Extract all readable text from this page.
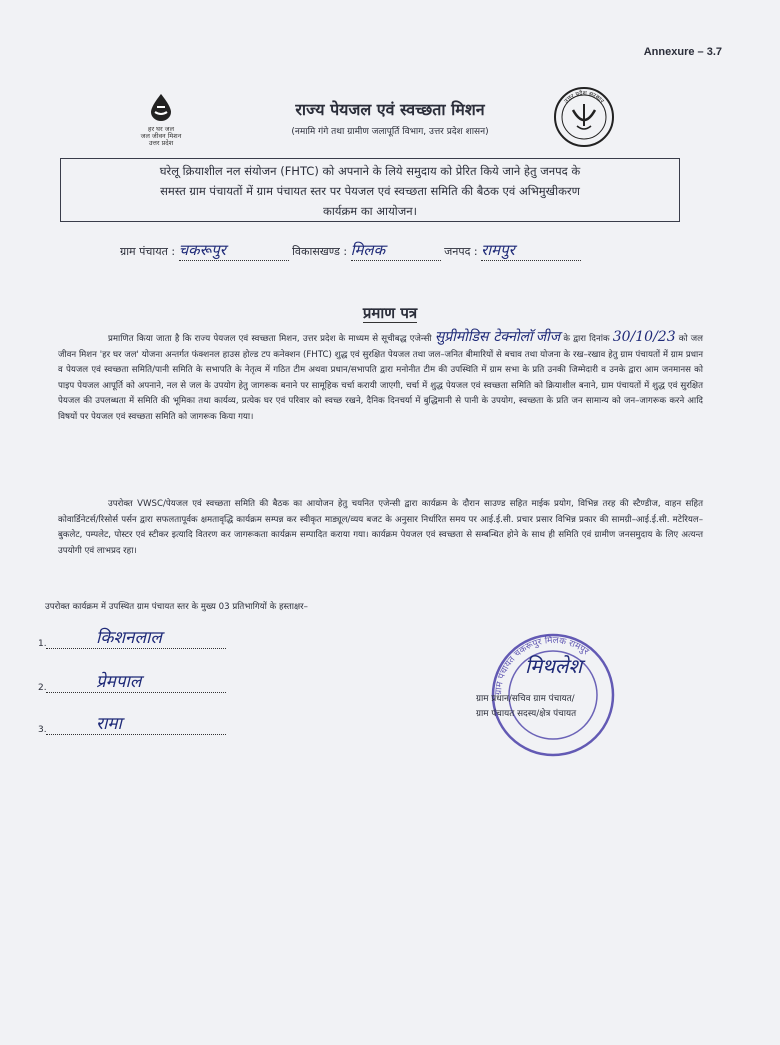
Annexure – 3.7
हर घर जल
जल जीवन मिशन
उत्तर प्रदेश
राज्य पेयजल एवं स्वच्छता मिशन
(नमामि गंगे तथा ग्रामीण जलापूर्ति विभाग, उत्तर प्रदेश शासन)
उत्तर प्रदेश सरकार
घरेलू क्रियाशील नल संयोजन (FHTC) को अपनाने के लिये समुदाय को प्रेरित किये जाने हेतु जनपद के
समस्त ग्राम पंचायतों में ग्राम पंचायत स्तर पर पेयजल एवं स्वच्छता समिति की बैठक एवं अभिमुखीकरण
कार्यक्रम का आयोजन।
ग्राम पंचायत : चकरूपुर	विकासखण्ड : मिलक	जनपद : रामपुर
प्रमाण पत्र
प्रमाणित किया जाता है कि राज्य पेयजल एवं स्वच्छता मिशन, उत्तर प्रदेश के माध्यम से सूचीबद्ध एजेन्सी सुप्रीमोडिस टेक्नोलॉ जीज के द्वारा दिनांक 30/10/23 को जल जीवन मिशन 'हर घर जल' योजना अन्तर्गत फंक्शनल हाउस होल्ड टप कनेक्शन (FHTC) शुद्ध एवं सुरक्षित पेयजल तथा जल–जनित बीमारियों से बचाव तथा योजना के रख–रखाव हेतु ग्राम पंचायतों में ग्राम प्रधान व पेयजल एवं स्वच्छता समिति/पानी समिति के सभापति के नेतृत्व में गठित टीम अथवा प्रधान/सभापति द्वारा मनोनीत टीम की उपस्थिति में ग्राम सभा के प्रति उनकी जिम्मेदारी व उनके द्वारा आम जनमानस को पाइप पेयजल आपूर्ति को अपनाने, नल से जल के उपयोग हेतु जागरूक बनाने पर सामूहिक चर्चा करायी जाएगी, चर्चा में शुद्ध पेयजल एवं स्वच्छता समिति को क्रियाशील बनाने, ग्राम पंचायतों में शुद्ध एवं सुरक्षित पेयजल की उपलब्धता में समिति की भूमिका तथा कार्यव्य, प्रत्येक घर एवं परिवार को स्वच्छ रखने, दैनिक दिनचर्या में बुद्धिमानी से पानी के उपयोग, स्वच्छता के प्रति जन सामान्य को जन–जागरूक करने आदि विषयों पर पेयजल एवं स्वच्छता समिति को जागरूक किया गया।
उपरोक्त VWSC/पेयजल एवं स्वच्छता समिति की बैठक का आयोजन हेतु चयनित एजेन्सी द्वारा कार्यक्रम के दौरान साउण्ड सहित माईक प्रयोग, विभिन्न तरह की स्टैण्डीज, वाहन सहित कोवार्डिनेटर्स/रिसोर्स पर्सन द्वारा सफलतापूर्वक क्षमतावृद्धि कार्यक्रम सम्पन्न कर स्वीकृत माड्यूल/व्यय बजट के अनुसार निर्धारित समय पर आई.ई.सी. प्रचार प्रसार विभिन्न प्रकार की सामग्री–आई.ई.सी. मटेरियल–बुकलेट, पम्पलेट, पोस्टर एवं स्टीकर इत्यादि वितरण कर जागरूकता कार्यक्रम सम्पादित कराया गया। कार्यक्रम पेयजल एवं स्वच्छता से सम्बन्धित होने के साथ ही समिति एवं ग्रामीण जनसमुदाय के लिए अत्यन्त उपयोगी एवं लाभप्रद रहा।
उपरोक्त कार्यक्रम में उपस्थित ग्राम पंचायत स्तर के मुख्य 03 प्रतिभागियों के हस्ताक्षर–
1.	किशनलाल
2.	प्रेमपाल
3.	रामा
ग्राम पंचायत चकरूपुर मिलक रामपुर
मिथलेश
ग्राम प्रधान/सचिव ग्राम पंचायत/
ग्राम पंचायत सदस्य/क्षेत्र पंचायत
